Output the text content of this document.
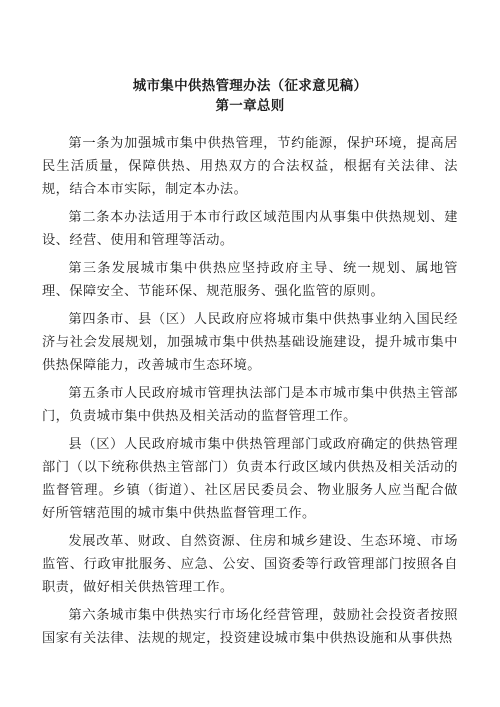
城市集中供热管理办法（征求意见稿）
第一章总则

第一条为加强城市集中供热管理，节约能源，保护环境，提高居民生活质量，保障供热、用热双方的合法权益，根据有关法律、法规，结合本市实际，制定本办法。

第二条本办法适用于本市行政区域范围内从事集中供热规划、建设、经营、使用和管理等活动。

第三条发展城市集中供热应坚持政府主导、统一规划、属地管理、保障安全、节能环保、规范服务、强化监管的原则。

第四条市、县（区）人民政府应将城市集中供热事业纳入国民经济与社会发展规划，加强城市集中供热基础设施建设，提升城市集中供热保障能力，改善城市生态环境。

第五条市人民政府城市管理执法部门是本市城市集中供热主管部门，负责城市集中供热及相关活动的监督管理工作。

县（区）人民政府城市集中供热管理部门或政府确定的供热管理部门（以下统称供热主管部门）负责本行政区域内供热及相关活动的监督管理。乡镇（街道）、社区居民委员会、物业服务人应当配合做好所管辖范围的城市集中供热监督管理工作。

发展改革、财政、自然资源、住房和城乡建设、生态环境、市场监管、行政审批服务、应急、公安、国资委等行政管理部门按照各自职责，做好相关供热管理工作。

第六条城市集中供热实行市场化经营管理，鼓励社会投资者按照国家有关法律、法规的规定，投资建设城市集中供热设施和从事供热
